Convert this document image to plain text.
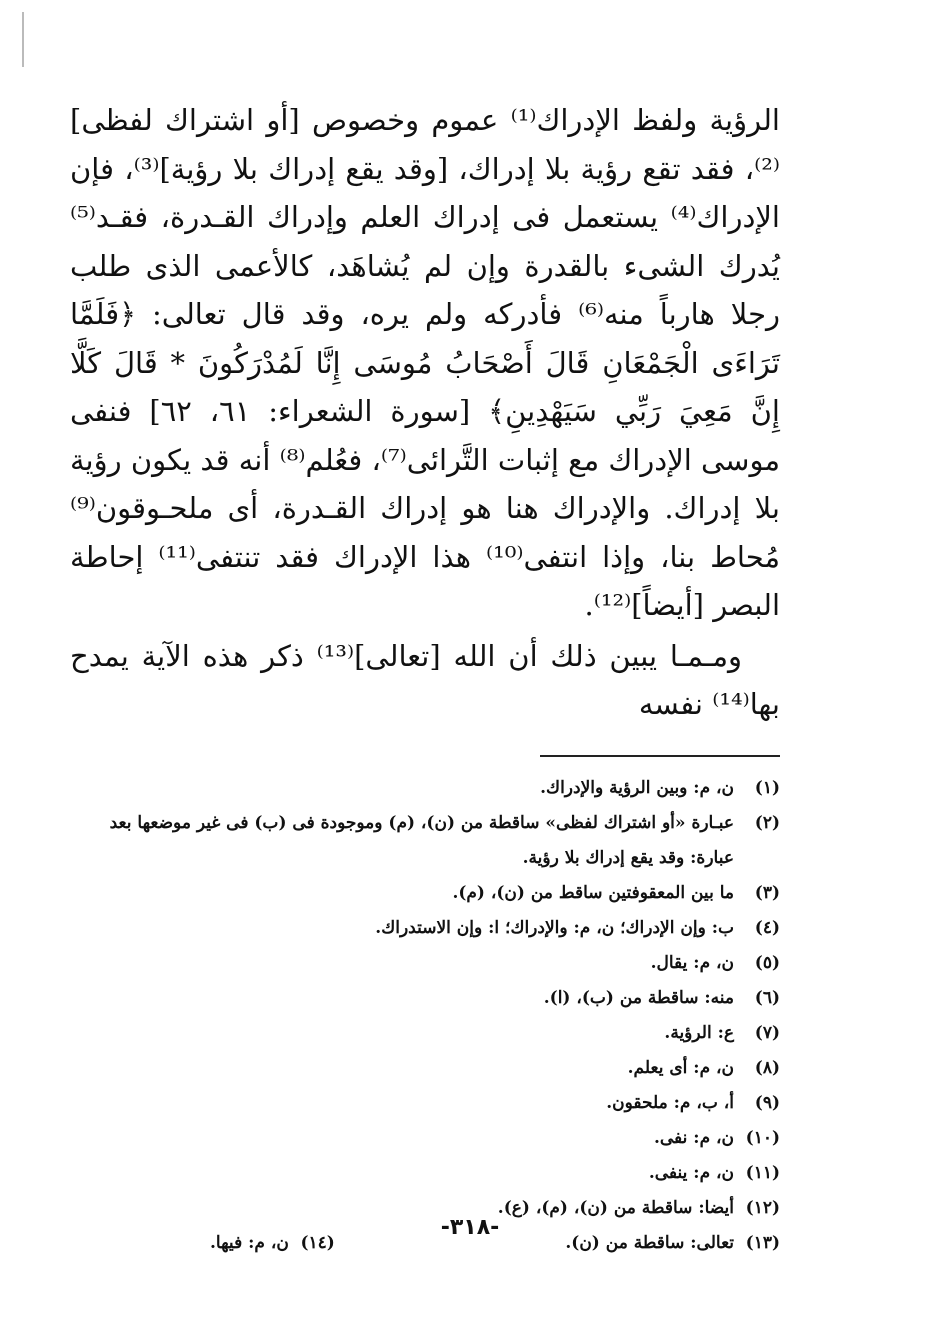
الرؤية ولفظ الإدراك⁽¹⁾ عموم وخصوص [أو اشتراك لفظى]⁽²⁾، فقد تقع رؤية بلا إدراك، [وقد يقع إدراك بلا رؤية]⁽³⁾، فإن الإدراك⁽⁴⁾ يستعمل فى إدراك العلم وإدراك القـدرة، فقـد⁽⁵⁾ يُدرك الشىء بالقدرة وإن لم يُشاهَد، كالأعمى الذى طلب رجلا هارباً منه⁽⁶⁾ فأدركه ولم يره، وقد قال تعالى: ﴿فَلَمَّا تَرَاءَى الْجَمْعَانِ قَالَ أَصْحَابُ مُوسَى إِنَّا لَمُدْرَكُونَ * قَالَ كَلَّا إِنَّ مَعِيَ رَبِّي سَيَهْدِينِ﴾ [سورة الشعراء: ٦١، ٦٢] فنفى موسى الإدراك مع إثبات التَّرائى⁽⁷⁾، فعُلم⁽⁸⁾ أنه قد يكون رؤية بلا إدراك. والإدراك هنا هو إدراك القـدرة، أى ملحـوقون⁽⁹⁾ مُحاط بنا، وإذا انتفى⁽¹⁰⁾ هذا الإدراك فقد تنتفى⁽¹¹⁾ إحاطة البصر [أيضاً]⁽¹²⁾.

ومـمـا يبين ذلك أن الله [تعالى]⁽¹³⁾ ذكر هذه الآية يمدح بها⁽¹⁴⁾ نفسه

(١)
ن، م: وبين الرؤية والإدراك.
(٢)
عبـارة «أو اشتراك لفظى» ساقطة من (ن)، (م) وموجودة فى (ب) فى غير موضعها بعد
عبارة: وقد يقع إدراك بلا رؤية.
(٣)
ما بين المعقوفتين ساقط من (ن)، (م).
(٤)
ب: وإن الإدراك؛ ن، م: والإدراك؛ ا: وإن الاستدراك.
(٥)
ن، م: يقال.
(٦)
منه: ساقطة من (ب)، (ا).
(٧)
ع: الرؤية.
(٨)
ن، م: أى يعلم.
(٩)
أ، ب، م: ملحقون.
(١٠)
ن، م: نفى.
(١١)
ن، م: ينفى.
(١٢)
أيضا: ساقطة من (ن)، (م)، (ع).
(١٣)
تعالى: ساقطة من (ن).
(١٤)
ن، م: فيها.
-٣١٨-
